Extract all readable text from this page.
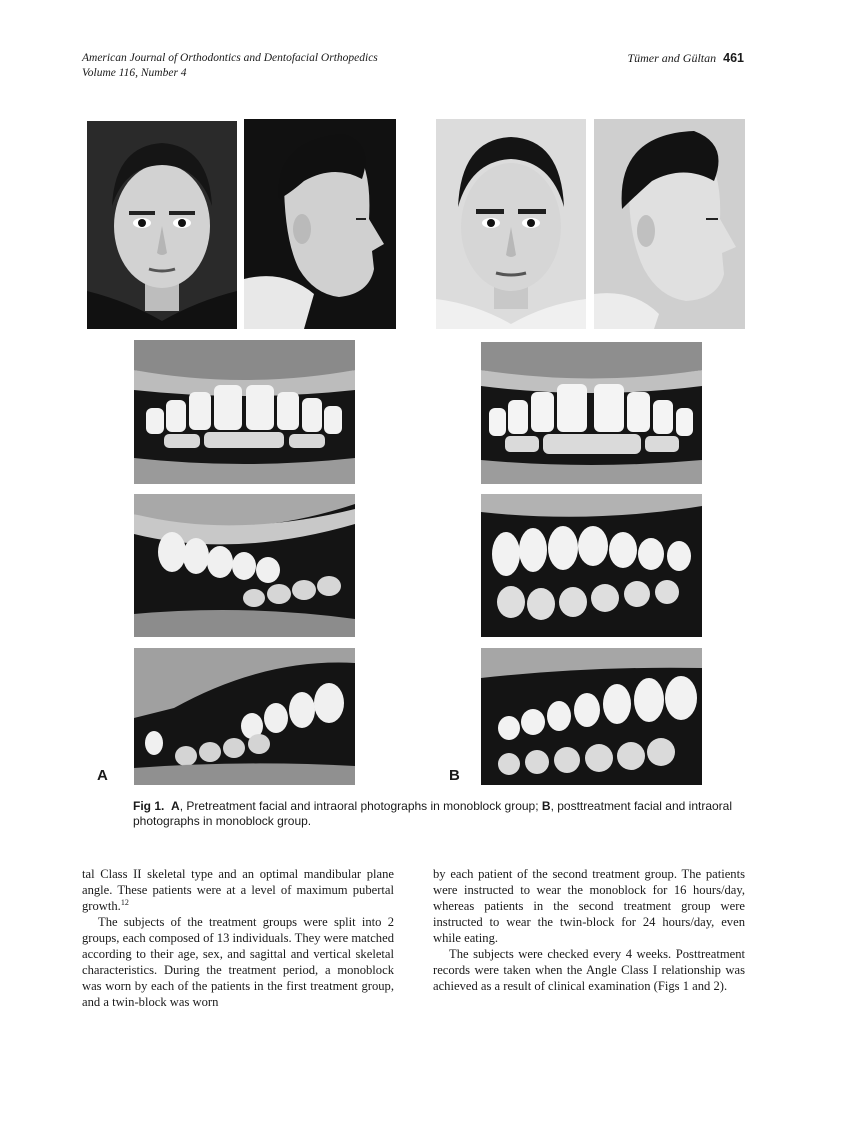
American Journal of Orthodontics and Dentofacial Orthopedics
Volume 116, Number 4
Tümer and Gültan 461
A	B
Fig 1. A, Pretreatment facial and intraoral photographs in monoblock group; B, posttreatment facial and intraoral photographs in monoblock group.

tal Class II skeletal type and an optimal mandibular plane angle. These patients were at a level of maximum pubertal growth.$^{12}$

The subjects of the treatment groups were split into 2 groups, each composed of 13 individuals. They were matched according to their age, sex, and sagittal and vertical skeletal characteristics. During the treatment period, a monoblock was worn by each of the patients in the first treatment group, and a twin-block was worn

by each patient of the second treatment group. The patients were instructed to wear the monoblock for 16 hours/day, whereas patients in the second treatment group were instructed to wear the twin-block for 24 hours/day, even while eating.

The subjects were checked every 4 weeks. Posttreatment records were taken when the Angle Class I relationship was achieved as a result of clinical examination (Figs 1 and 2).
